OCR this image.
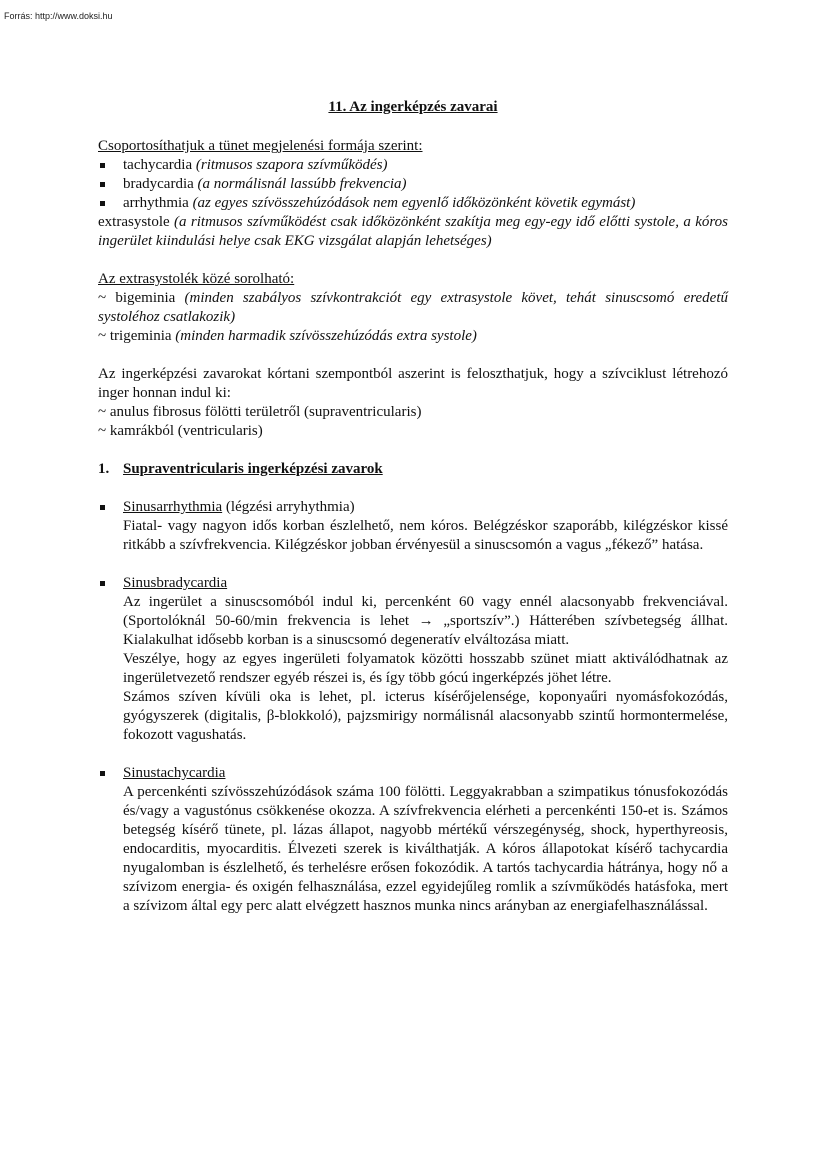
Forrás: http://www.doksi.hu

11. Az ingerképzés zavarai

Csoportosíthatjuk a tünet megjelenési formája szerint:

tachycardia (ritmusos szapora szívműködés)
bradycardia (a normálisnál lassúbb frekvencia)
arrhythmia (az egyes szívösszehúzódások nem egyenlő időközönként követik egymást)

extrasystole (a ritmusos szívműködést csak időközönként szakítja meg egy-egy idő előtti systole, a kóros ingerület kiindulási helye csak EKG vizsgálat alapján lehetséges)

Az extrasystolék közé sorolható:

~ bigeminia (minden szabályos szívkontrakciót egy extrasystole követ, tehát sinuscsomó eredetű systoléhoz csatlakozik)

~ trigeminia (minden harmadik szívösszehúzódás extra systole)

Az ingerképzési zavarokat kórtani szempontból aszerint is feloszthatjuk, hogy a szívciklust létrehozó inger honnan indul ki:

~ anulus fibrosus fölötti területről (supraventricularis)

~ kamrákból (ventricularis)

1. Supraventricularis ingerképzési zavarok

Sinusarrhythmia (légzési arryhythmia)

Fiatal- vagy nagyon idős korban észlelhető, nem kóros. Belégzéskor szaporább, kilégzéskor kissé ritkább a szívfrekvencia. Kilégzéskor jobban érvényesül a sinuscsomón a vagus „fékező” hatása.

Sinusbradycardia

Az ingerület a sinuscsomóból indul ki, percenként 60 vagy ennél alacsonyabb frekvenciával. (Sportolóknál 50-60/min frekvencia is lehet → „sportszív”.) Hátterében szívbetegség állhat. Kialakulhat idősebb korban is a sinuscsomó degeneratív elváltozása miatt.

Veszélye, hogy az egyes ingerületi folyamatok közötti hosszabb szünet miatt aktiválódhatnak az ingerületvezető rendszer egyéb részei is, és így több gócú ingerképzés jöhet létre.

Számos szíven kívüli oka is lehet, pl. icterus kísérőjelensége, koponyaűri nyomásfokozódás, gyógyszerek (digitalis, β-blokkoló), pajzsmirigy normálisnál alacsonyabb szintű hormontermelése, fokozott vagushatás.

Sinustachycardia

A percenkénti szívösszehúzódások száma 100 fölötti. Leggyakrabban a szimpatikus tónusfokozódás és/vagy a vagustónus csökkenése okozza. A szívfrekvencia elérheti a percenkénti 150-et is. Számos betegség kísérő tünete, pl. lázas állapot, nagyobb mértékű vérszegénység, shock, hyperthyreosis, endocarditis, myocarditis. Élvezeti szerek is kiválthatják. A kóros állapotokat kísérő tachycardia nyugalomban is észlelhető, és terhelésre erősen fokozódik. A tartós tachycardia hátránya, hogy nő a szívizom energia- és oxigén felhasználása, ezzel egyidejűleg romlik a szívműködés hatásfoka, mert a szívizom által egy perc alatt elvégzett hasznos munka nincs arányban az energiafelhasználással.
